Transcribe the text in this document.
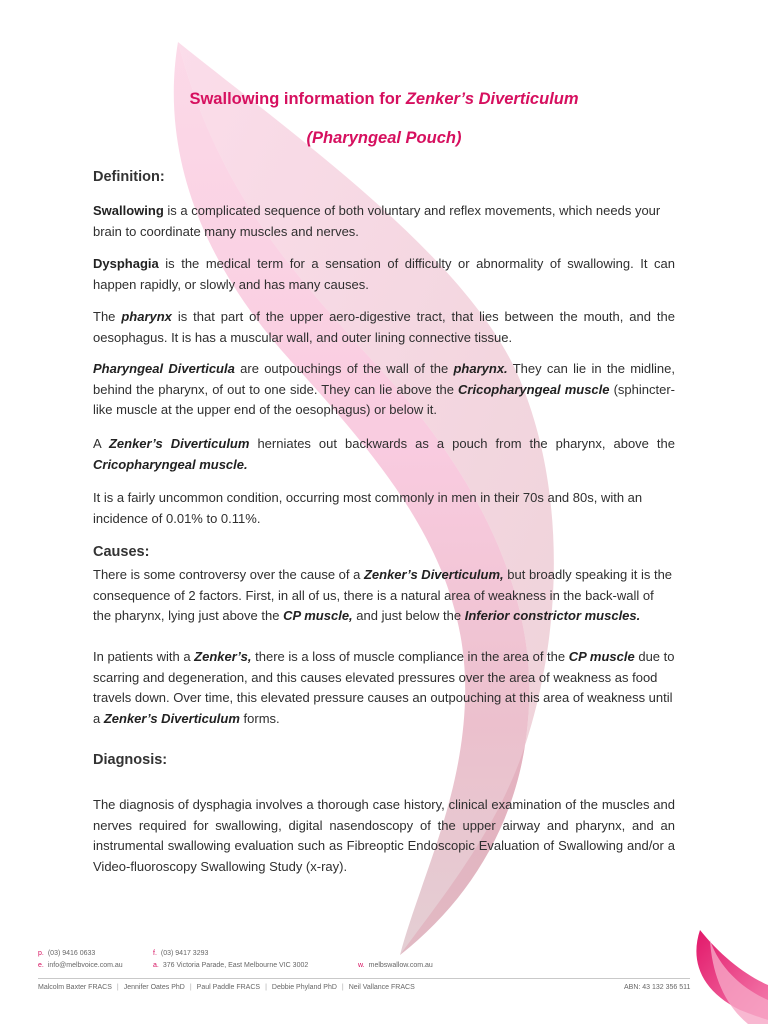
Swallowing information for Zenker’s Diverticulum
(Pharyngeal Pouch)
Definition:

Swallowing is a complicated sequence of both voluntary and reflex movements, which needs your brain to coordinate many muscles and nerves.

Dysphagia is the medical term for a sensation of difficulty or abnormality of swallowing. It can happen rapidly, or slowly and has many causes.

The pharynx is that part of the upper aero-digestive tract, that lies between the mouth, and the oesophagus. It is has a muscular wall, and outer lining connective tissue.

Pharyngeal Diverticula are outpouchings of the wall of the pharynx. They can lie in the midline, behind the pharynx, of out to one side. They can lie above the Cricopharyngeal muscle (sphincter-like muscle at the upper end of the oesophagus) or below it.

A Zenker’s Diverticulum herniates out backwards as a pouch from the pharynx, above the Cricopharyngeal muscle.

It is a fairly uncommon condition, occurring most commonly in men in their 70s and 80s, with an incidence of 0.01% to 0.11%.

Causes:

There is some controversy over the cause of a Zenker’s Diverticulum, but broadly speaking it is the consequence of 2 factors. First, in all of us, there is a natural area of weakness in the back-wall of the pharynx, lying just above the CP muscle, and just below the Inferior constrictor muscles.

In patients with a Zenker’s, there is a loss of muscle compliance in the area of the CP muscle due to scarring and degeneration, and this causes elevated pressures over the area of weakness as food travels down. Over time, this elevated pressure causes an outpouching at this area of weakness until a Zenker’s Diverticulum forms.

Diagnosis:

The diagnosis of dysphagia involves a thorough case history, clinical examination of the muscles and nerves required for swallowing, digital nasendoscopy of the upper airway and pharynx, and an instrumental swallowing evaluation such as Fibreoptic Endoscopic Evaluation of Swallowing and/or a Video-fluoroscopy Swallowing Study (x-ray).

p. (03) 9416 0633	f. (03) 9417 3293
e. info@melbvoice.com.au	a. 376 Victoria Parade, East Melbourne VIC 3002	w. melbswallow.com.au
Malcolm Baxter FRACS | Jennifer Oates PhD | Paul Paddle FRACS | Debbie Phyland PhD | Neil Vallance FRACS	ABN: 43 132 356 511
